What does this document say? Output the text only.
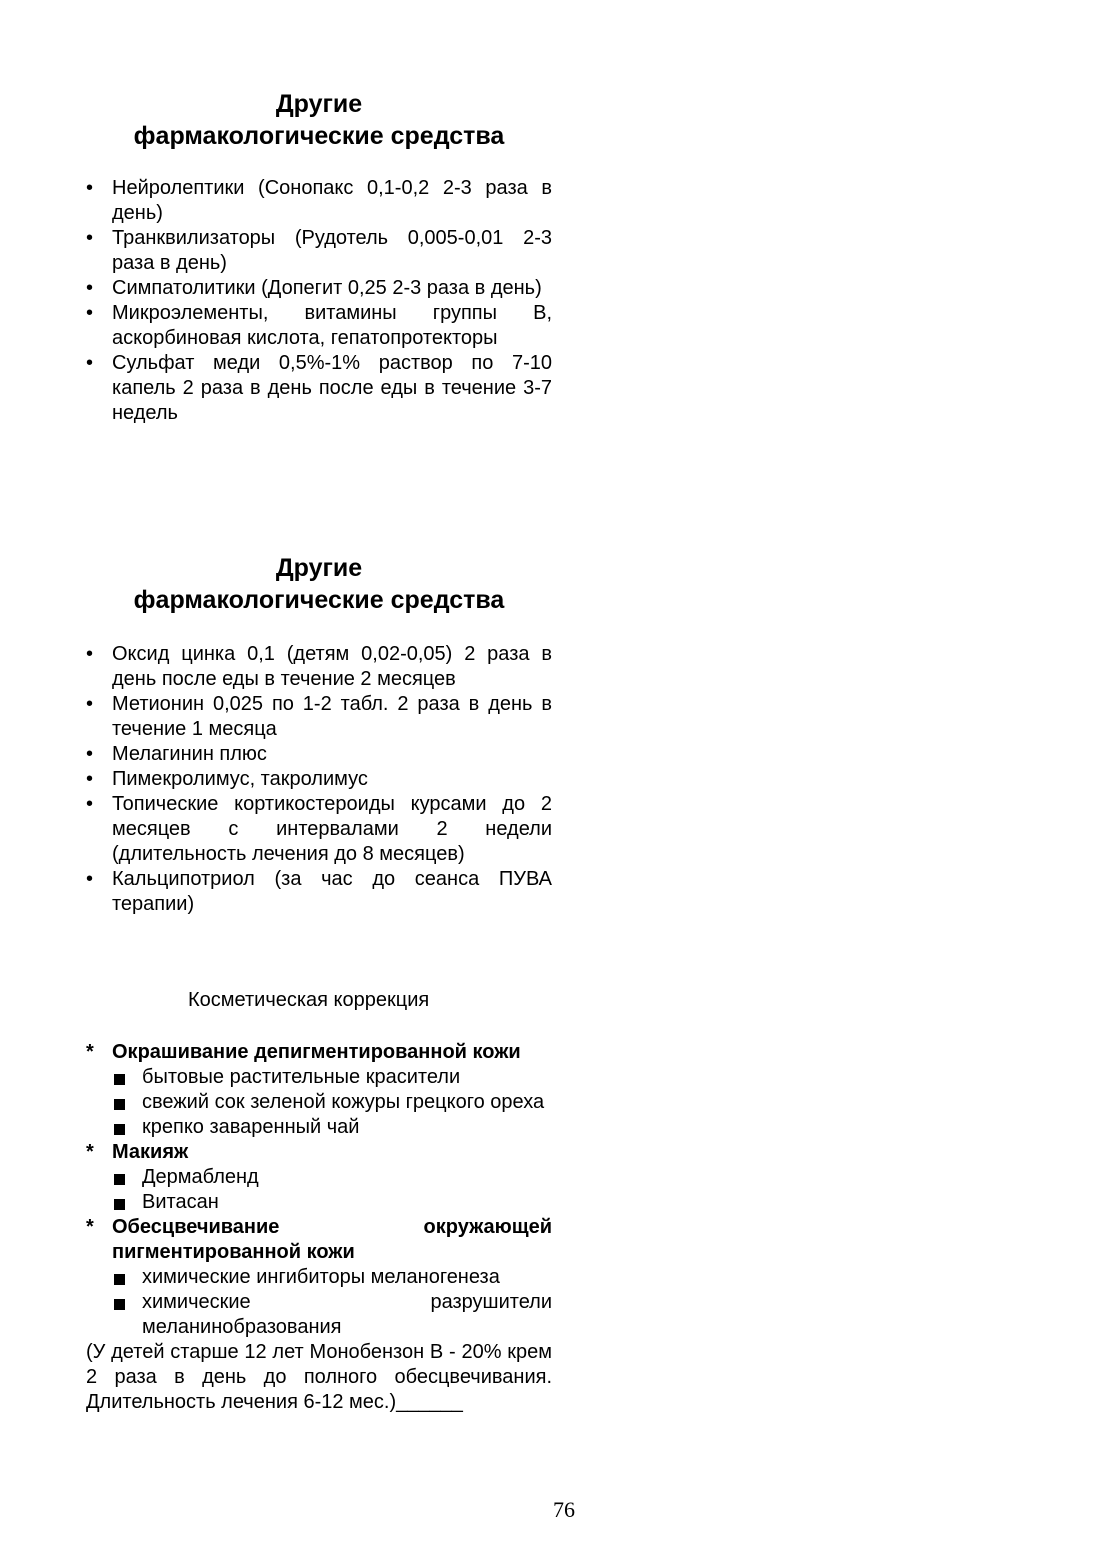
Другие
фармакологические средства
• Нейролептики (Сонопакс 0,1-0,2 2-3 раза в день)
• Транквилизаторы (Рудотель 0,005-0,01 2-3 раза в день)
• Симпатолитики (Допегит 0,25 2-3 раза в день)
• Микроэлементы, витамины группы В, аскорбиновая кислота, гепатопротекторы
• Сульфат меди 0,5%-1% раствор по 7-10 капель 2 раза в день после еды в течение 3-7 недель
Другие
фармакологические средства
• Оксид цинка 0,1 (детям 0,02-0,05) 2 раза в день после еды в течение 2 месяцев
• Метионин 0,025 по 1-2 табл. 2 раза в день в течение 1 месяца
• Мелагинин плюс
• Пимекролимус, такролимус
• Топические кортикостероиды курсами до 2 месяцев с интервалами 2 недели (длительность лечения до 8 месяцев)
• Кальципотриол (за час до сеанса ПУВА терапии)
Косметическая коррекция
* Окрашивание депигментированной кожи
бытовые растительные красители
свежий сок зеленой кожуры грецкого ореха
крепко заваренный чай
* Макияж
Дермабленд
Витасан
* Обесцвечивание окружающей пигментированной кожи
химические ингибиторы меланогенеза
химические разрушители меланинобразования
(У детей старше 12 лет Монобензон В - 20% крем 2 раза в день до полного обесцвечивания. Длительность лечения 6-12 мес.)______
76
